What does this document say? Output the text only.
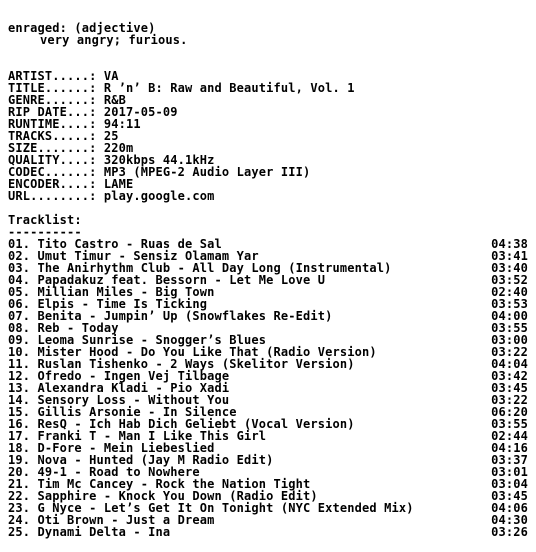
enraged: (adjective)
very angry; furious.
ARTIST.....: VA
TITLE......: R ’n’ B: Raw and Beautiful, Vol. 1
GENRE......: R&B
RIP DATE...: 2017-05-09
RUNTIME....: 94:11
TRACKS.....: 25
SIZE.......: 220m
QUALITY....: 320kbps 44.1kHz
CODEC......: MP3 (MPEG-2 Audio Layer III)
ENCODER....: LAME
URL........: play.google.com
Tracklist:
----------
01. Tito Castro - Ruas de Sal	04:38
02. Umut Timur - Sensiz Olamam Yar	03:41
03. The Anirhythm Club - All Day Long (Instrumental)	03:40
04. Papadakuz feat. Bessorn - Let Me Love U	03:52
05. Millian Miles - Big Town	02:40
06. Elpis - Time Is Ticking	03:53
07. Benita - Jumpin’ Up (Snowflakes Re-Edit)	04:00
08. Reb - Today	03:55
09. Leoma Sunrise - Snogger’s Blues	03:00
10. Mister Hood - Do You Like That (Radio Version)	03:22
11. Ruslan Tishenko - 2 Ways (Skelitor Version)	04:04
12. Ofredo - Ingen Vej Tilbage	03:42
13. Alexandra Kladi - Pio Xadi	03:45
14. Sensory Loss - Without You	03:22
15. Gillis Arsonie - In Silence	06:20
16. ResQ - Ich Hab Dich Geliebt (Vocal Version)	03:55
17. Franki T - Man I Like This Girl	02:44
18. D-Fore - Mein Liebeslied	04:16
19. Nova - Hunted (Jay M Radio Edit)	03:37
20. 49-1 - Road to Nowhere	03:01
21. Tim Mc Cancey - Rock the Nation Tight	03:04
22. Sapphire - Knock You Down (Radio Edit)	03:45
23. G Nyce - Let’s Get It On Tonight (NYC Extended Mix)	04:06
24. Oti Brown - Just a Dream	04:30
25. Dynami Delta - Ina	03:26
